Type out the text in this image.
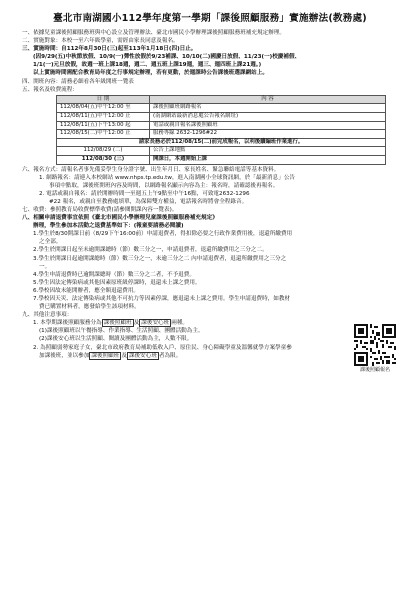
臺北市南湖國小112學年度第一學期「課後照顧服務」實施辦法(教務處)
一、依據兒童課後照顧服務班與中心設立及管理辦法、臺北市國民小學辦理課後照顧服務班補充規定辦理。
二、實施對象：本校一至六年級學童，需經由家長同意及報名。
三、實施時間：自112年8月30日(三)起至113年1月18日(四)日止。
(因9/29(五)中秋節放假、10/9(一)彈性放假於9/23補課、10/10(二)國慶日放假、11/23(一)校慶補假、
1/1(一)元旦放假，故週一班上課18週，週二、週五班上課19週，週三、週四班上課21週。)
以上實施時間需配合教育局年度之行事規定辦理，若有更動，於週課時公告課後班選課網站上。
四、開班內容：請務必細看各年級開班一覽表
五、報名及收費流程：
日 期	內 容
112/08/04(五)中午12:00 至	課後照顧班網路報名
112/08/11(五)中午12:00 止	(南湖網站最新消息處公告報名網址)
112/08/11(五)下午13:00 起	電話或親自報名課後照顧班
112/08/15(二)中午12:00 止	服務專線 2632-1296#22
請家長務必於112/08/15(二)前完成報名，以利後續編班作業進行。	
112/08/29 (二)	公告上課地點
112/08/30 (三)	開課日，本週開始上課
六、報名方式：請報名者事先備妥學生身分證字號、出生年月日、家長姓名、緊急聯絡電話等基本資料。
1. 網路報名：請連入本校網站 www.nhps.tp.edu.tw，進入南湖國小全球資訊網，於「最新消息」公告
事項中點取，課後班開班內容及時間，以網路報名顯示內容為主：報名時，請確認後再報名。
2. 電話或親自報名：請於開辦時間一至週五上午9點至中午16點，可致電2632-1296
#22 報名，或親自至教務處填單，為保障雙方權益，電話報名時將會全程錄音。
七、收費：參照教育局收費標準收費(請參閱開課內容一覽表)。
八、相關申請退費事宜依照《臺北市國民小學辦理兒童課後照顧服務補充規定》
辦理，學生參加本活動之退費基準如下：(報童要請務必閱讀)
1.學生於8/30開課日前（8/29下午16:00前）申請退費者，得扣除必要之行政作業費用後，退還所繳費用
之全部。
2.學生於開課日起至未逾開課總時（節）數三分之一，申請退費者，退還所繳費用之三分之二。
3.學生於開課日起逾開課總時（節）數三分之一，未逾三分之二 內申請退費者，退還所繳費用之三分之
一。
4.學生申請退費時已逾開課總時（節）數三分之二者，不予退費。
5.學生因法定傳染病或其他因素原班級停課時，退還未上課之費用。
6.學校因故未能開辦者，應全額退還費用。
7.學校因天災、法定傳染病或其他不可抗力等因素停課，應退還未上課之費用。學生申請退費時，如教材
費已購置材料者，應發給學生該項材料。
九、其他注意事項：
1. 本學期課後照顧服務分為 課後照顧班 及 課後安心班 兩種。
(1)課後照顧班以午餐指導、作業指導、生活照顧、團體活動為主。
(2)課後安心班以生活照顧、閱讀及團體活動為主，人數不限。
2. 為照顧弱勢家庭子女，臺北市政府教育局補助低收入戶、原住民、身心障礙學童及溫馨就學方案學童參
加課後班，並以參加 課後照顧班 及 課後安心班 者為限。
課後照顧報名
